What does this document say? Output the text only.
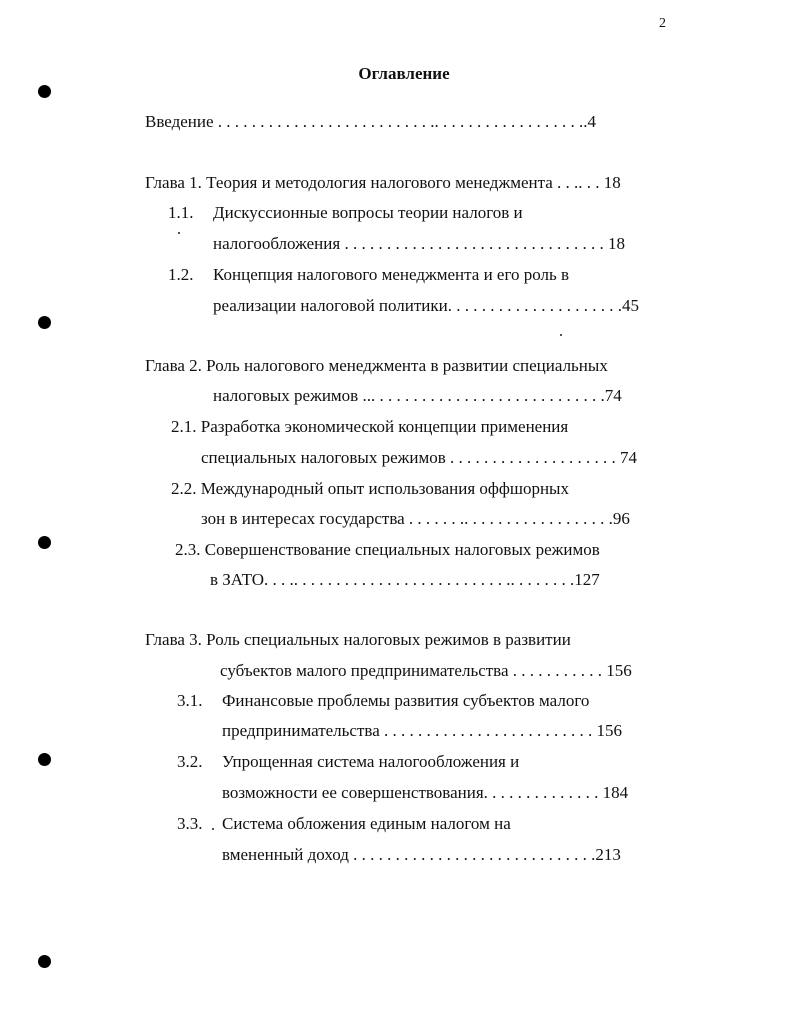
2
Оглавление
Введение . . . . . . . . . . . . . . . . . . . . . . . . . .. . . . . . . . . . . . . . . . . ..4
Глава 1. Теория и методология налогового менеджмента . . .. . . 18
1.1. Дискуссионные вопросы теории налогов и
налогообложения . . . . . . . . . . . . . . . . . . . . . . . . . . . . . . . 18
1.2. Концепция налогового менеджмента и его роль в
реализации налоговой политики. . . . . . . . . . . . . . . . . . . . .45
Глава 2. Роль налогового менеджмента в развитии специальных
налоговых режимов ... . . . . . . . . . . . . . . . . . . . . . . . . . . .74
2.1. Разработка экономической концепции применения
специальных налоговых режимов . . . . . . . . . . . . . . . . . . . . 74
2.2. Международный опыт использования оффшорных
зон в интересах государства . . . . . . .. . . . . . . . . . . . . . . . . .96
2.3. Совершенствование специальных налоговых режимов
в ЗАТО. . . .. . . . . . . . . . . . . . . . . . . . . . . . . .. . . . . . . .127
Глава 3. Роль специальных налоговых режимов в развитии
субъектов малого предпринимательства . . . . . . . . . . . 156
3.1. Финансовые проблемы развития субъектов малого
предпринимательства . . . . . . . . . . . . . . . . . . . . . . . . . 156
3.2. Упрощенная система налогообложения и
возможности ее совершенствования. . . . . . . . . . . . . . 184
3.3. Система обложения единым налогом на
вмененный доход . . . . . . . . . . . . . . . . . . . . . . . . . . . . .213
